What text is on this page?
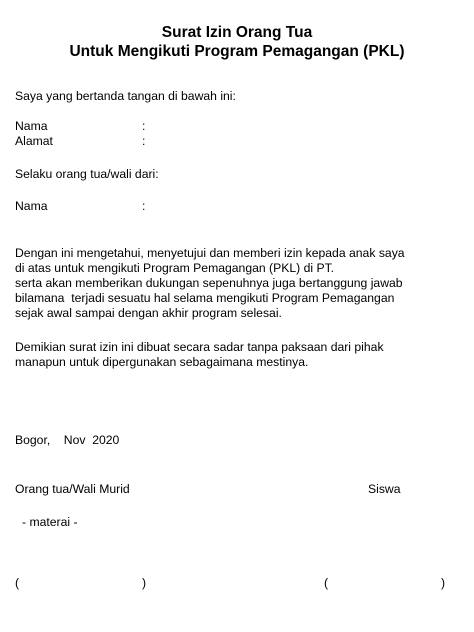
Surat Izin Orang Tua
Untuk Mengikuti Program Pemagangan (PKL)
Saya yang bertanda tangan di bawah ini:
Nama	:
Alamat	:
Selaku orang tua/wali dari:
Nama	:
Dengan ini mengetahui, menyetujui dan memberi izin kepada anak saya
di atas untuk mengikuti Program Pemagangan (PKL) di PT.
serta akan memberikan dukungan sepenuhnya juga bertanggung jawab
bilamana  terjadi sesuatu hal selama mengikuti Program Pemagangan
sejak awal sampai dengan akhir program selesai.
Demikian surat izin ini dibuat secara sadar tanpa paksaan dari pihak
manapun untuk dipergunakan sebagaimana mestinya.
Bogor,    Nov  2020
Orang tua/Wali Murid	Siswa
- materai -
(	)	(	)
